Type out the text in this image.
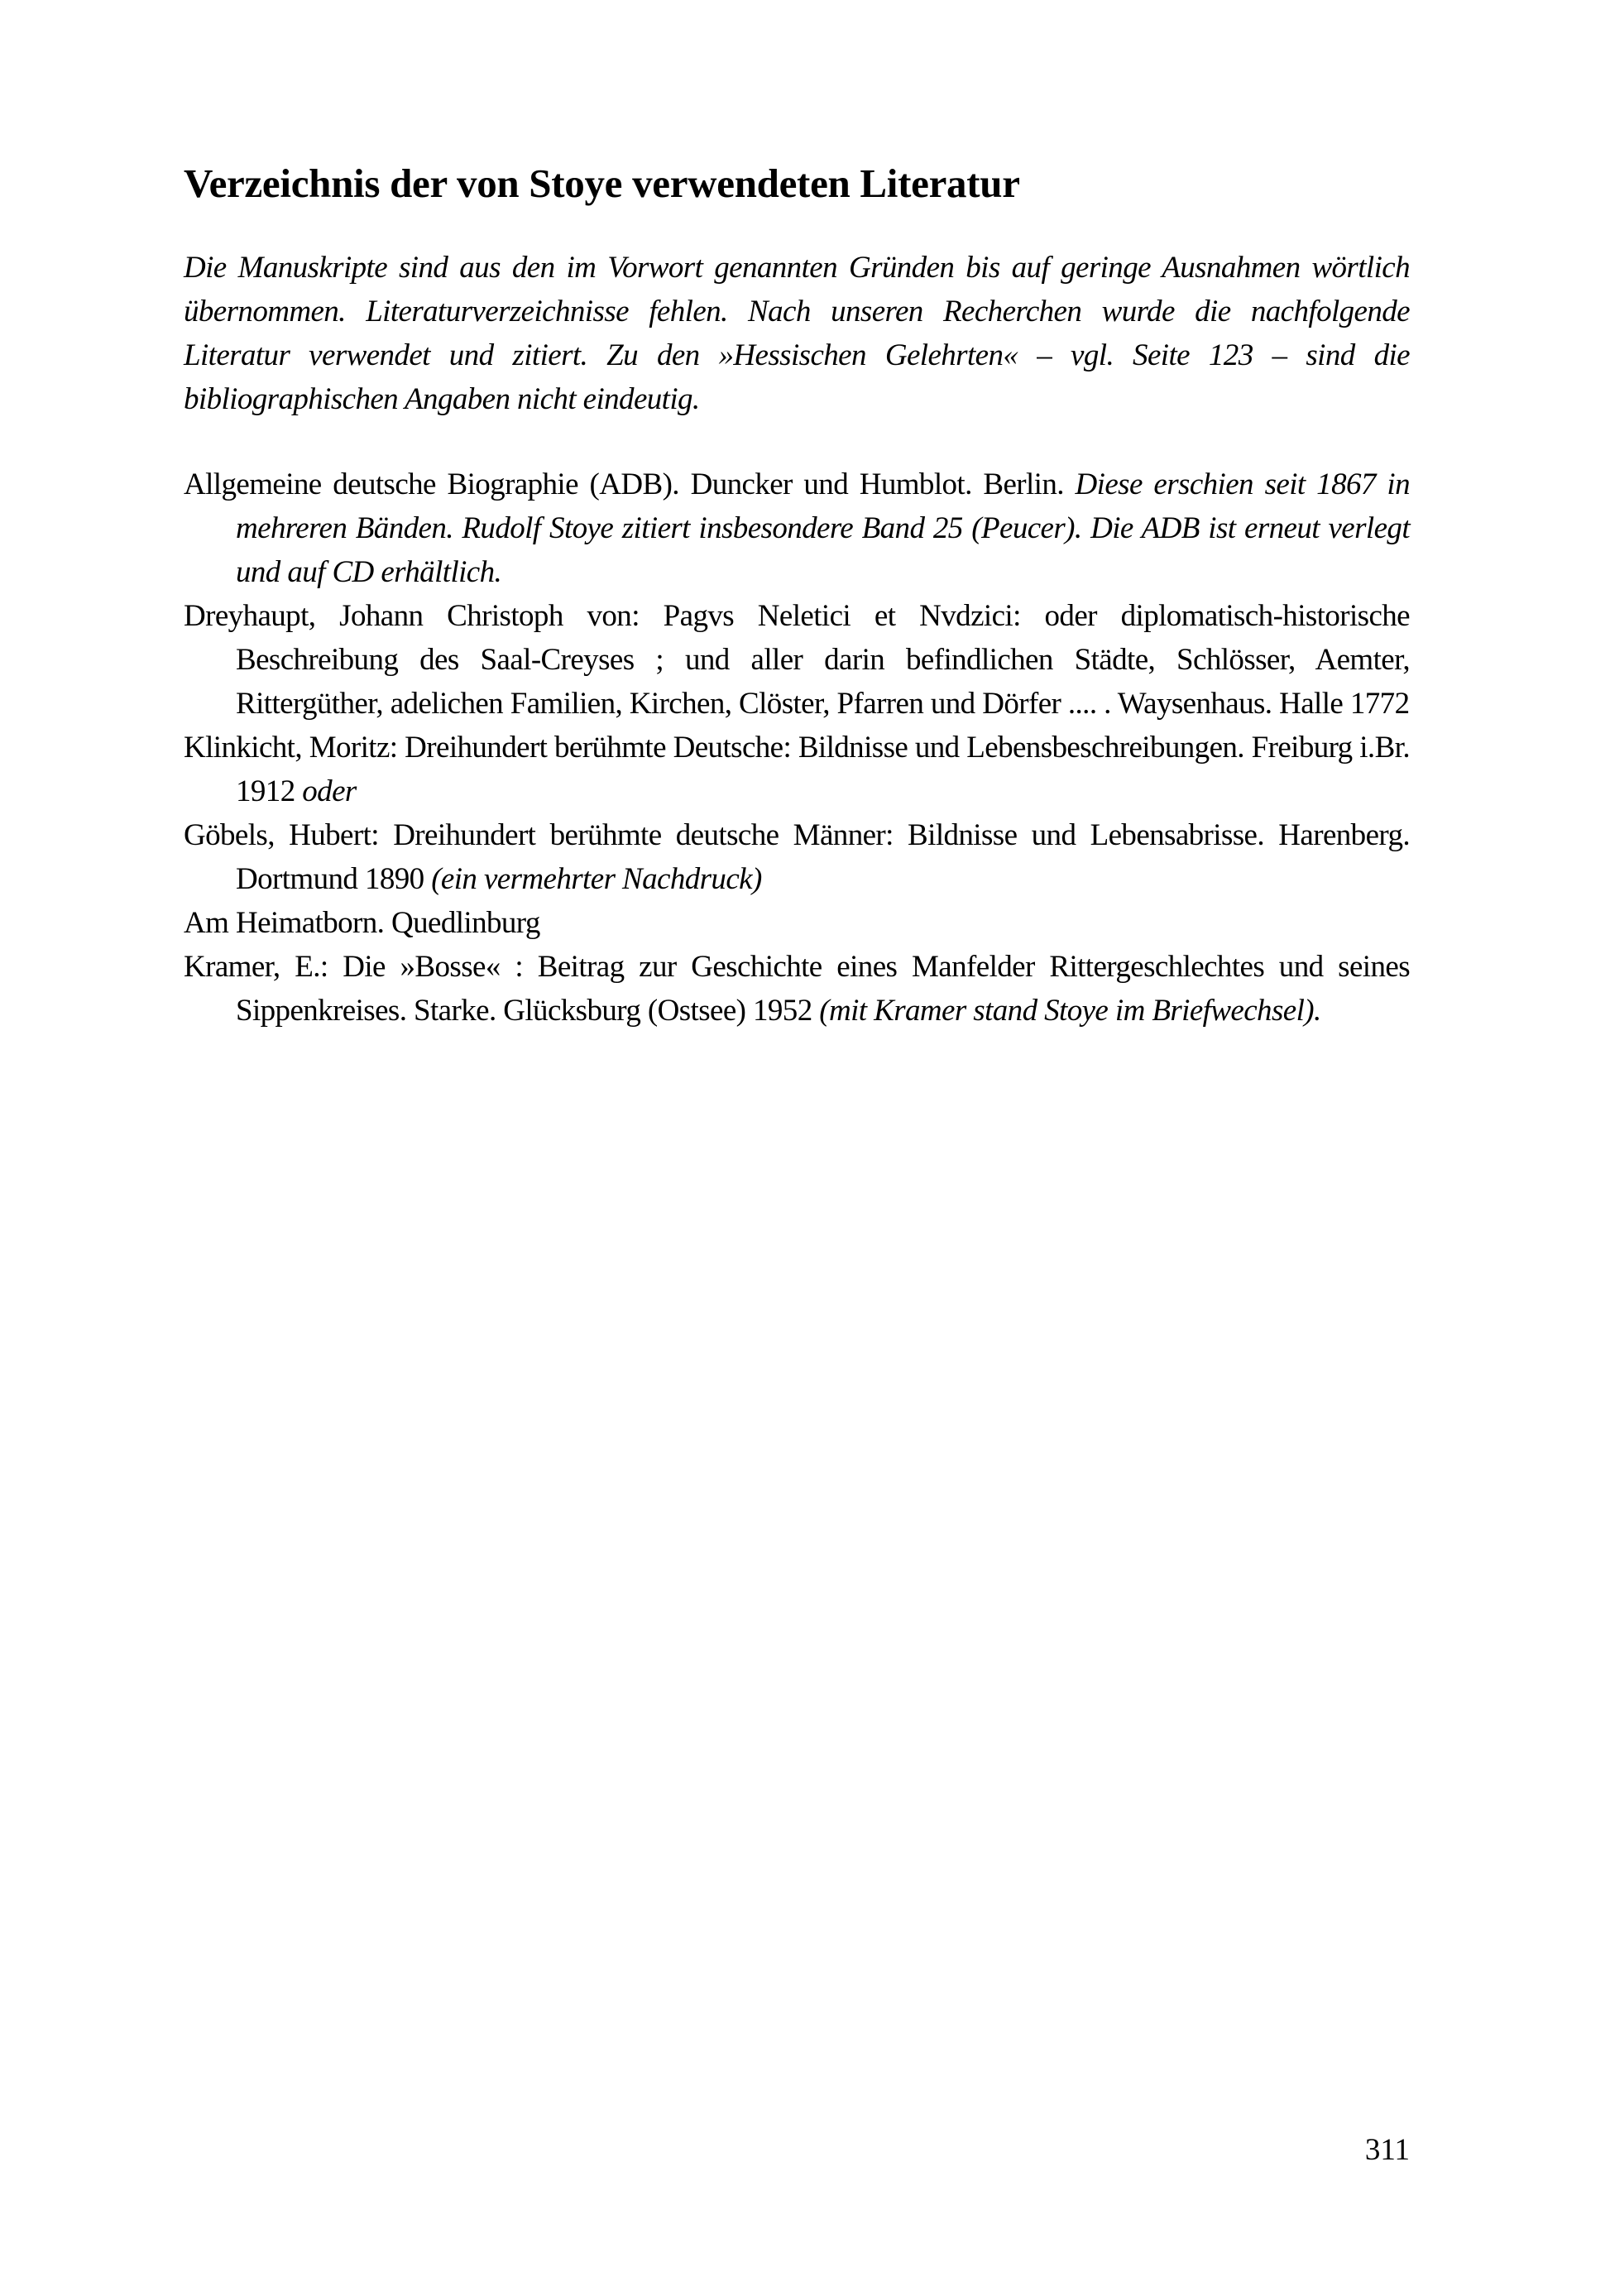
Verzeichnis der von Stoye verwendeten Literatur

Die Manuskripte sind aus den im Vorwort genannten Gründen bis auf geringe Ausnahmen wörtlich übernommen. Literaturverzeichnisse fehlen. Nach unseren Recherchen wurde die nachfolgende Literatur verwendet und zitiert. Zu den »Hessischen Gelehrten« – vgl. Seite 123 – sind die bibliographischen Angaben nicht eindeutig.

Allgemeine deutsche Biographie (ADB). Duncker und Humblot. Berlin. Diese erschien seit 1867 in mehreren Bänden. Rudolf Stoye zitiert insbesondere Band 25 (Peucer). Die ADB ist erneut verlegt und auf CD erhältlich.
Dreyhaupt, Johann Christoph von: Pagvs Neletici et Nvdzici: oder diplomatisch-historische Beschreibung des Saal-Creyses ; und aller darin befindlichen Städte, Schlösser, Aemter, Rittergüther, adelichen Familien, Kirchen, Clöster, Pfarren und Dörfer .... . Waysenhaus. Halle 1772
Klinkicht, Moritz: Dreihundert berühmte Deutsche: Bildnisse und Lebensbeschreibungen. Freiburg i.Br. 1912 oder
Göbels, Hubert: Dreihundert berühmte deutsche Männer: Bildnisse und Lebensabrisse. Harenberg. Dortmund 1890 (ein vermehrter Nachdruck)
Am Heimatborn. Quedlinburg
Kramer, E.: Die »Bosse« : Beitrag zur Geschichte eines Manfelder Rittergeschlechtes und seines Sippenkreises. Starke. Glücksburg (Ostsee) 1952 (mit Kramer stand Stoye im Briefwechsel).
311
